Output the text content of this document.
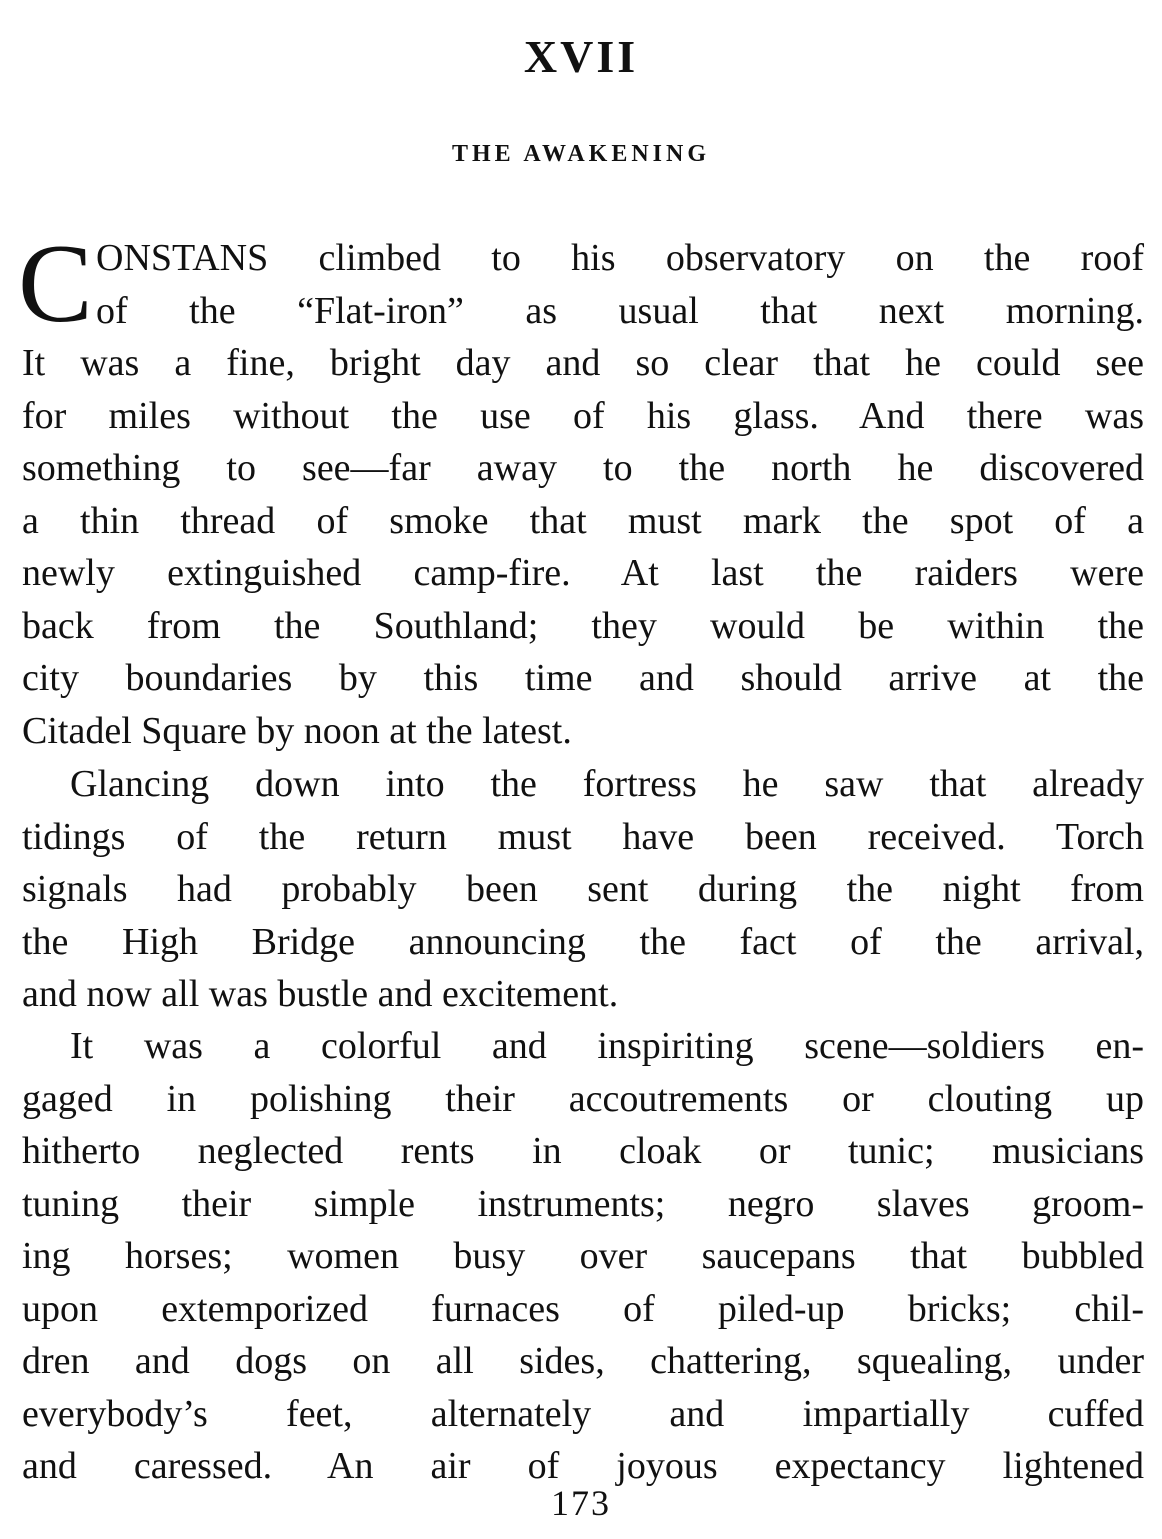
XVII
THE AWAKENING
C ONSTANS climbed to his observatory on the roof
of the “Flat-iron” as usual that next morning.
It was a fine, bright day and so clear that he could see
for miles without the use of his glass. And there was
something to see—far away to the north he discovered
a thin thread of smoke that must mark the spot of a
newly extinguished camp-fire. At last the raiders were
back from the Southland; they would be within the
city boundaries by this time and should arrive at the
Citadel Square by noon at the latest.
Glancing down into the fortress he saw that already
tidings of the return must have been received. Torch
signals had probably been sent during the night from
the High Bridge announcing the fact of the arrival,
and now all was bustle and excitement.
It was a colorful and inspiriting scene—soldiers en-
gaged in polishing their accoutrements or clouting up
hitherto neglected rents in cloak or tunic; musicians
tuning their simple instruments; negro slaves groom-
ing horses; women busy over saucepans that bubbled
upon extemporized furnaces of piled-up bricks; chil-
dren and dogs on all sides, chattering, squealing, under
everybody’s feet, alternately and impartially cuffed
and caressed. An air of joyous expectancy lightened
173
